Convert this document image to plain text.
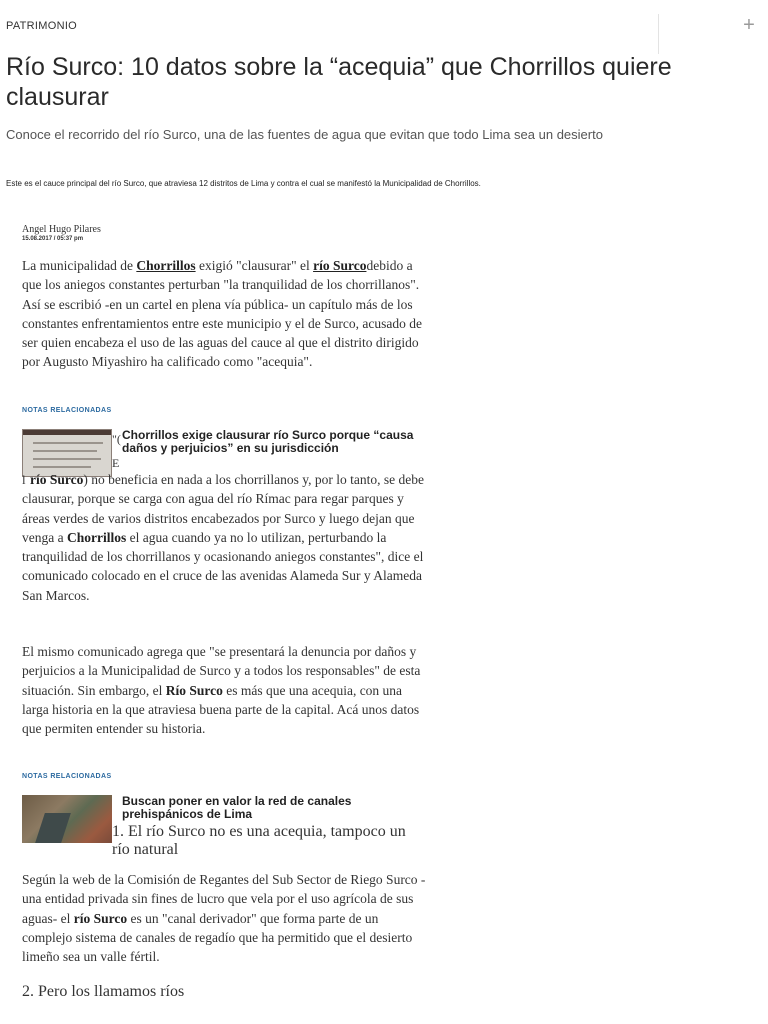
PATRIMONIO	+
Río Surco: 10 datos sobre la “acequia” que Chorrillos quiere clausurar

Conoce el recorrido del río Surco, una de las fuentes de agua que evitan que todo Lima sea un desierto

Este es el cauce principal del río Surco, que atraviesa 12 distritos de Lima y contra el cual se manifestó la Municipalidad de Chorrillos.
Angel Hugo Pilares
15.08.2017 / 05:37 pm

La municipalidad de Chorrillos exigió "clausurar" el río Surcodebido a que los aniegos constantes perturban "la tranquilidad de los chorrillanos". Así se escribió -en un cartel en plena vía pública- un capítulo más de los constantes enfrentamientos entre este municipio y el de Surco, acusado de ser quien encabeza el uso de las aguas del cauce al que el distrito dirigido por Augusto Miyashiro ha calificado como "acequia".

NOTAS RELACIONADAS
"( Chorrillos exige clausurar río Surco porque “causa daños y perjuicios” en su jurisdicción
E
l río Surco) no beneficia en nada a los chorrillanos y, por lo tanto, se debe clausurar, porque se carga con agua del río Rímac para regar parques y áreas verdes de varios distritos encabezados por Surco y luego dejan que venga a Chorrillos el agua cuando ya no lo utilizan, perturbando la tranquilidad de los chorrillanos y ocasionando aniegos constantes", dice el comunicado colocado en el cruce de las avenidas Alameda Sur y Alameda San Marcos.

El mismo comunicado agrega que "se presentará la denuncia por daños y perjuicios a la Municipalidad de Surco y a todos los responsables" de esta situación. Sin embargo, el Río Surco es más que una acequia, con una larga historia en la que atraviesa buena parte de la capital. Acá unos datos que permiten entender su historia.

NOTAS RELACIONADAS
Buscan poner en valor la red de canales prehispánicos de Lima
1. El río Surco no es una acequia, tampoco un río natural

Según la web de la Comisión de Regantes del Sub Sector de Riego Surco -una entidad privada sin fines de lucro que vela por el uso agrícola de sus aguas- el río Surco es un "canal derivador" que forma parte de un complejo sistema de canales de regadío que ha permitido que el desierto limeño sea un valle fértil.

2. Pero los llamamos ríos
